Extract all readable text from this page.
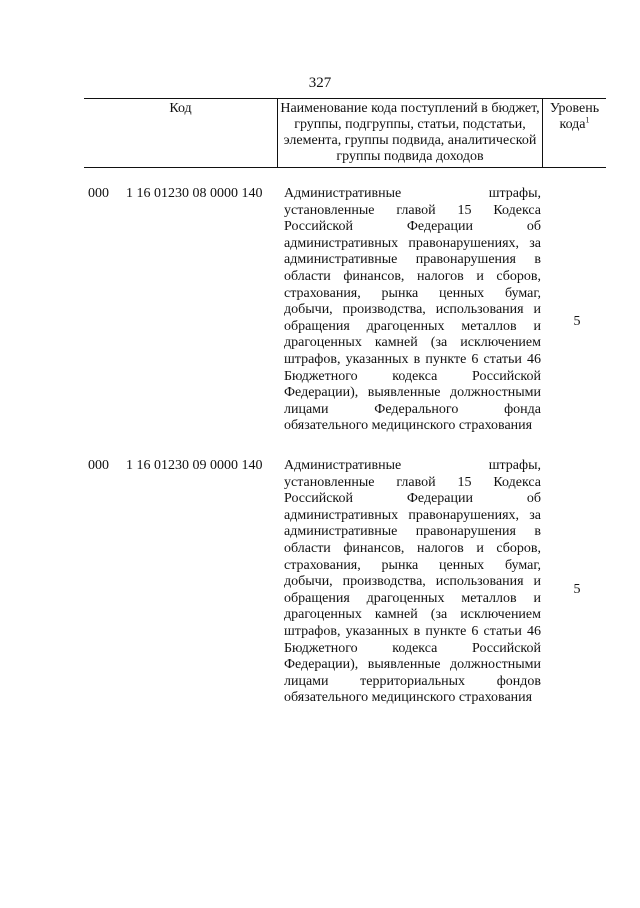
327
Код	Наименование кода поступлений в бюджет, группы, подгруппы, статьи, подстатьи, элемента, группы подвида, аналитической группы подвида доходов
Уровень кода$^1$
000 1 16 01230 08 0000 140 Административные штрафы, установленные главой 15 Кодекса Российской Федерации об административных правонарушениях, за административные правонарушения в области финансов, налогов и сборов, страхования, рынка ценных бумаг, добычи, производства, использования и обращения драгоценных металлов и драгоценных камней (за исключением штрафов, указанных в пункте 6 статьи 46 Бюджетного кодекса Российской Федерации), выявленные должностными лицами Федерального фонда обязательного медицинского страхования
5
000 1 16 01230 09 0000 140 Административные штрафы, установленные главой 15 Кодекса Российской Федерации об административных правонарушениях, за административные правонарушения в области финансов, налогов и сборов, страхования, рынка ценных бумаг, добычи, производства, использования и обращения драгоценных металлов и драгоценных камней (за исключением штрафов, указанных в пункте 6 статьи 46 Бюджетного кодекса Российской Федерации), выявленные должностными лицами территориальных фондов обязательного медицинского страхования
5
